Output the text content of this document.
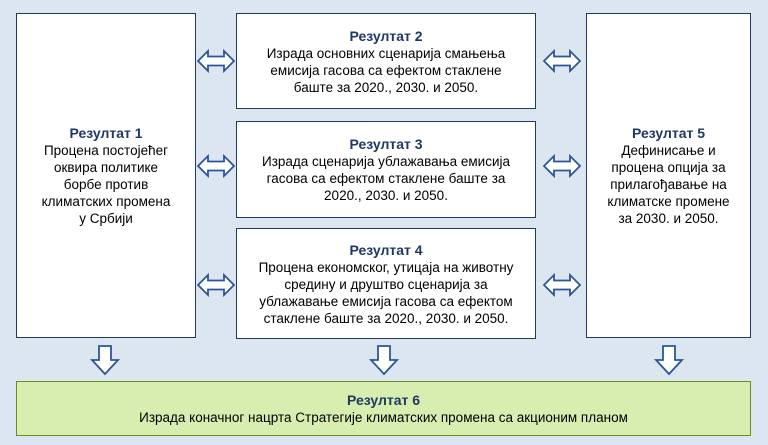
Резултат 1
Процена постојећег
оквира политике
борбе против
климатских промена
у Србији
Резултат 2
Израда основних сценарија смањења
емисија гасова са ефектом стаклене
баште за 2020., 2030. и 2050.
Резултат 3
Израда сценарија ублажавања емисија
гасова са ефектом стаклене баште за
2020., 2030. и 2050.
Резултат 4
Процена економског, утицаја на животну
средину и друштво сценарија за
ублажавање емисија гасова са ефектом
стаклене баште за 2020., 2030. и 2050.
Резултат 5
Дефинисање и
процена опција за
прилагођавање на
климатске промене
за 2030. и 2050.
Резултат 6
Израда коначног нацрта Стратегије климатских промена са акционим планом
